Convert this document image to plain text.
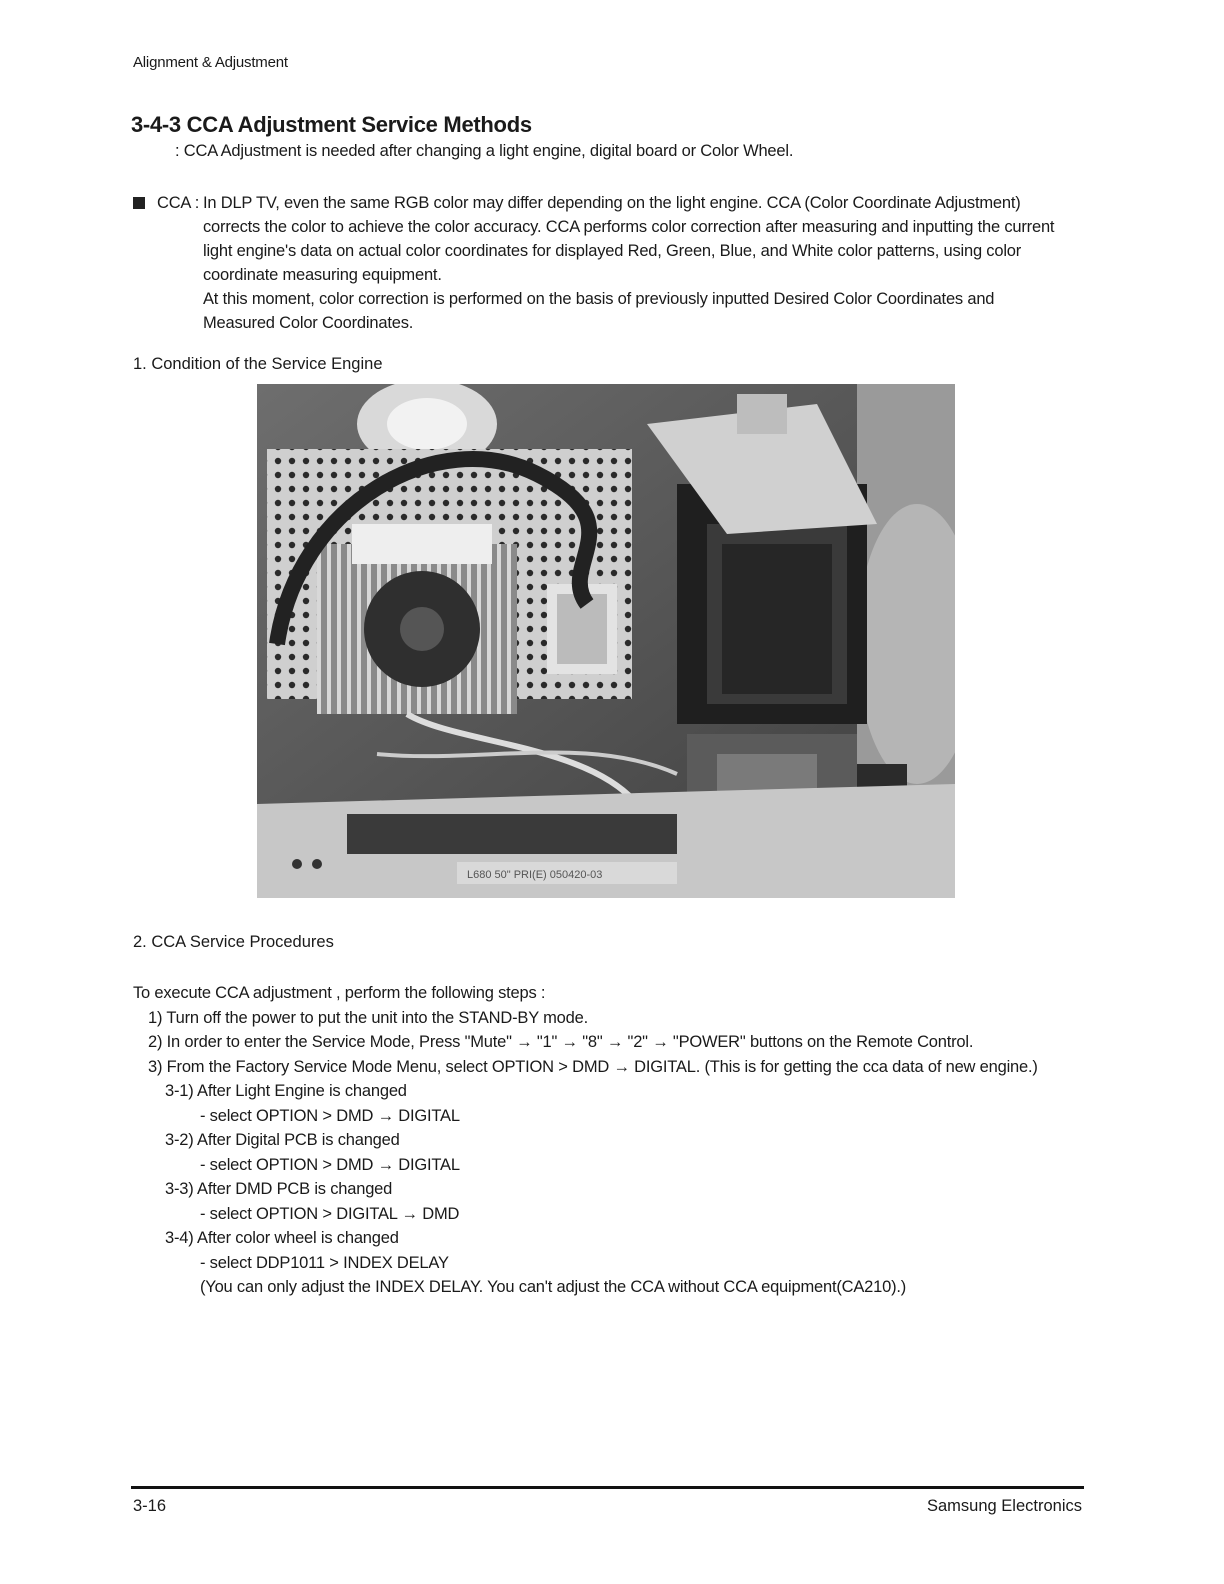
Alignment & Adjustment
3-4-3 CCA Adjustment Service Methods
: CCA Adjustment is needed after changing a light engine, digital board or Color Wheel.
CCA : In DLP TV, even the same RGB color may differ depending on the light engine. CCA (Color Coordinate Adjustment)

corrects the color to achieve the color accuracy. CCA performs color correction after measuring and inputting the current

light engine's data on actual color coordinates for displayed Red, Green, Blue, and White color patterns, using color

coordinate measuring equipment.

At this moment, color correction is performed on the basis of previously inputted Desired Color Coordinates and

Measured Color Coordinates.

1. Condition of the Service Engine
L680 50" PRI(E) 050420-03
2. CCA Service Procedures
To execute CCA adjustment , perform the following steps :
1) Turn off the power to put the unit into the STAND-BY mode.
2) In order to enter the Service Mode, Press "Mute" → "1" → "8" → "2" → "POWER" buttons on the Remote Control.
3) From the Factory Service Mode Menu, select OPTION > DMD → DIGITAL. (This is for getting the cca data of new engine.)
3-1) After Light Engine is changed
- select OPTION > DMD → DIGITAL
3-2) After Digital PCB is changed
- select OPTION > DMD → DIGITAL
3-3) After DMD PCB is changed
- select OPTION > DIGITAL → DMD
3-4) After color wheel is changed
- select DDP1011 > INDEX DELAY
(You can only adjust the INDEX DELAY. You can't adjust the CCA without CCA equipment(CA210).)
3-16	Samsung Electronics
